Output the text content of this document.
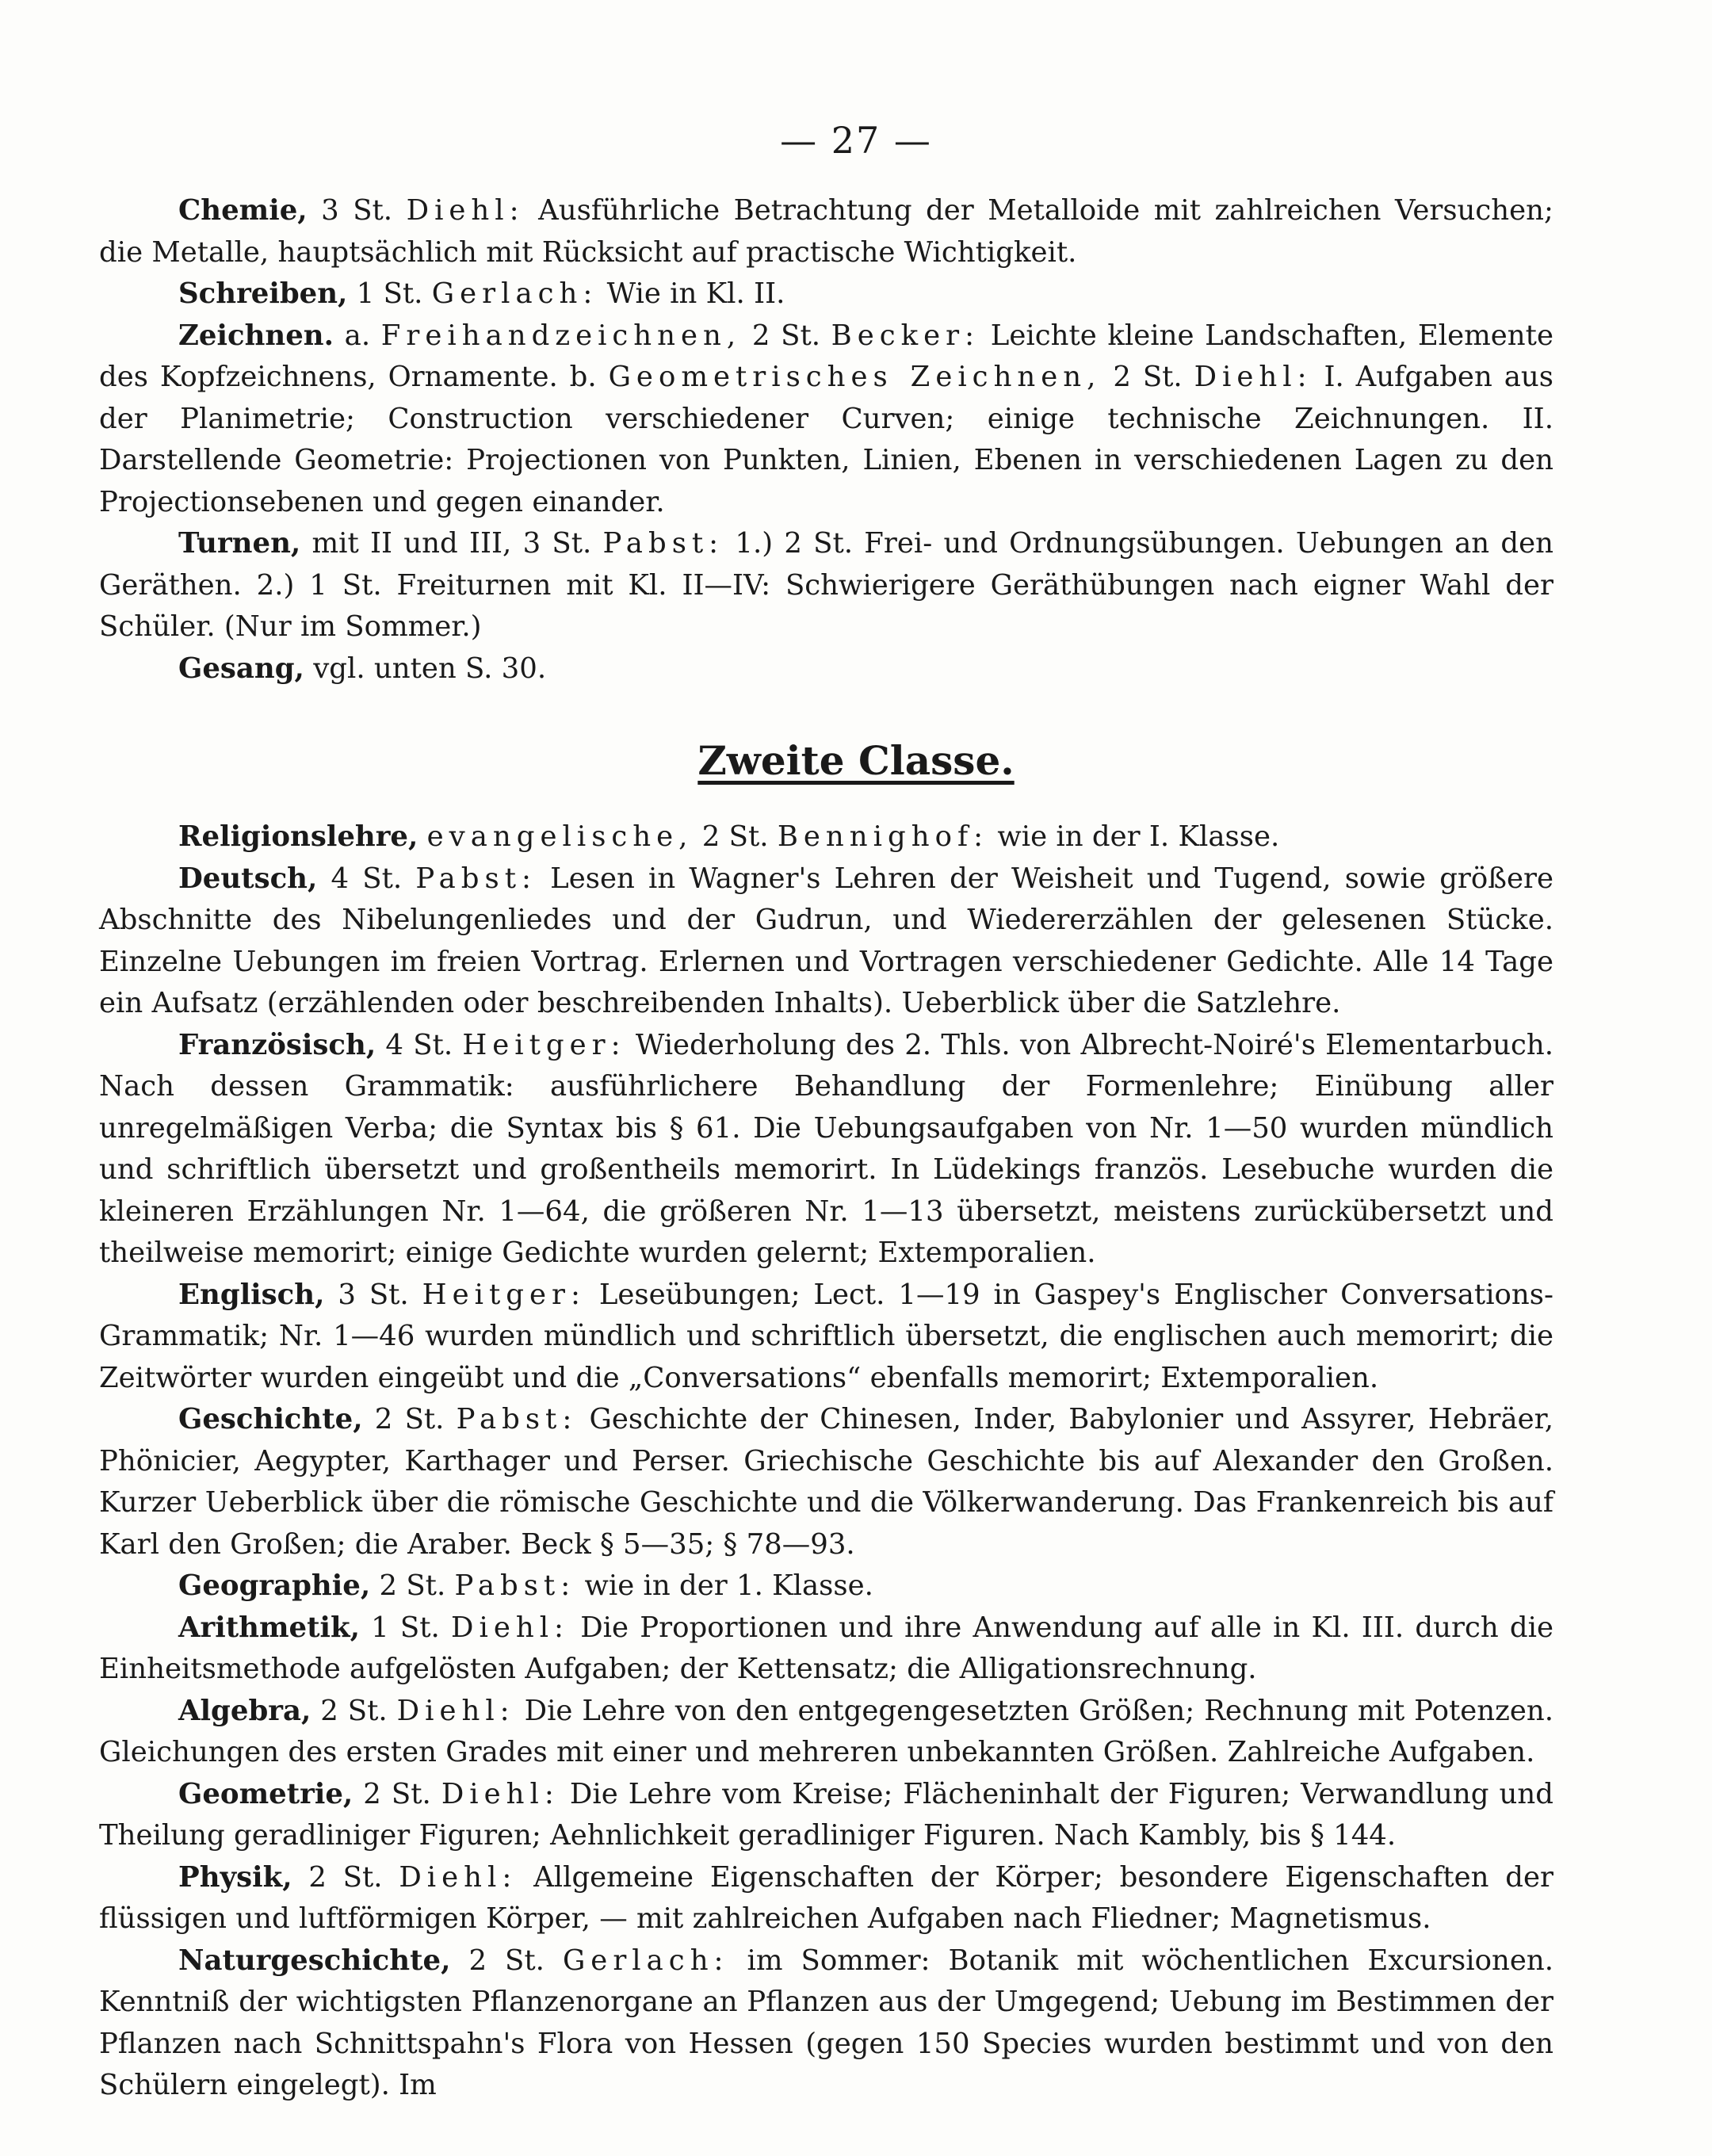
— 27 —

Chemie, 3 St. Diehl: Ausführliche Betrachtung der Metalloide mit zahlreichen Versuchen; die Metalle, hauptsächlich mit Rücksicht auf practische Wichtigkeit.

Schreiben, 1 St. Gerlach: Wie in Kl. II.

Zeichnen. a. Freihandzeichnen, 2 St. Becker: Leichte kleine Landschaften, Elemente des Kopfzeichnens, Ornamente. b. Geometrisches Zeichnen, 2 St. Diehl: I. Aufgaben aus der Planimetrie; Construction verschiedener Curven; einige technische Zeichnungen. II. Darstellende Geometrie: Projectionen von Punkten, Linien, Ebenen in verschiedenen Lagen zu den Projectionsebenen und gegen einander.

Turnen, mit II und III, 3 St. Pabst: 1.) 2 St. Frei- und Ordnungsübungen. Uebungen an den Geräthen. 2.) 1 St. Freiturnen mit Kl. II—IV: Schwierigere Geräthübungen nach eigner Wahl der Schüler. (Nur im Sommer.)

Gesang, vgl. unten S. 30.

Zweite Classe.

Religionslehre, evangelische, 2 St. Bennighof: wie in der I. Klasse.

Deutsch, 4 St. Pabst: Lesen in Wagner's Lehren der Weisheit und Tugend, sowie größere Abschnitte des Nibelungenliedes und der Gudrun, und Wiedererzählen der gelesenen Stücke. Einzelne Uebungen im freien Vortrag. Erlernen und Vortragen verschiedener Gedichte. Alle 14 Tage ein Aufsatz (erzählenden oder beschreibenden Inhalts). Ueberblick über die Satzlehre.

Französisch, 4 St. Heitger: Wiederholung des 2. Thls. von Albrecht-Noiré's Elementarbuch. Nach dessen Grammatik: ausführlichere Behandlung der Formenlehre; Einübung aller unregelmäßigen Verba; die Syntax bis § 61. Die Uebungsaufgaben von Nr. 1—50 wurden mündlich und schriftlich übersetzt und großentheils memorirt. In Lüdekings französ. Lesebuche wurden die kleineren Erzählungen Nr. 1—64, die größeren Nr. 1—13 übersetzt, meistens zurückübersetzt und theilweise memorirt; einige Gedichte wurden gelernt; Extemporalien.

Englisch, 3 St. Heitger: Leseübungen; Lect. 1—19 in Gaspey's Englischer Conversations-Grammatik; Nr. 1—46 wurden mündlich und schriftlich übersetzt, die englischen auch memorirt; die Zeitwörter wurden eingeübt und die „Conversations“ ebenfalls memorirt; Extemporalien.

Geschichte, 2 St. Pabst: Geschichte der Chinesen, Inder, Babylonier und Assyrer, Hebräer, Phönicier, Aegypter, Karthager und Perser. Griechische Geschichte bis auf Alexander den Großen. Kurzer Ueberblick über die römische Geschichte und die Völkerwanderung. Das Frankenreich bis auf Karl den Großen; die Araber. Beck § 5—35; § 78—93.

Geographie, 2 St. Pabst: wie in der 1. Klasse.

Arithmetik, 1 St. Diehl: Die Proportionen und ihre Anwendung auf alle in Kl. III. durch die Einheitsmethode aufgelösten Aufgaben; der Kettensatz; die Alligationsrechnung.

Algebra, 2 St. Diehl: Die Lehre von den entgegengesetzten Größen; Rechnung mit Potenzen. Gleichungen des ersten Grades mit einer und mehreren unbekannten Größen. Zahlreiche Aufgaben.

Geometrie, 2 St. Diehl: Die Lehre vom Kreise; Flächeninhalt der Figuren; Verwandlung und Theilung geradliniger Figuren; Aehnlichkeit geradliniger Figuren. Nach Kambly, bis § 144.

Physik, 2 St. Diehl: Allgemeine Eigenschaften der Körper; besondere Eigenschaften der flüssigen und luftförmigen Körper, — mit zahlreichen Aufgaben nach Fliedner; Magnetismus.

Naturgeschichte, 2 St. Gerlach: im Sommer: Botanik mit wöchentlichen Excursionen. Kenntniß der wichtigsten Pflanzenorgane an Pflanzen aus der Umgegend; Uebung im Bestimmen der Pflanzen nach Schnittspahn's Flora von Hessen (gegen 150 Species wurden bestimmt und von den Schülern eingelegt). Im
